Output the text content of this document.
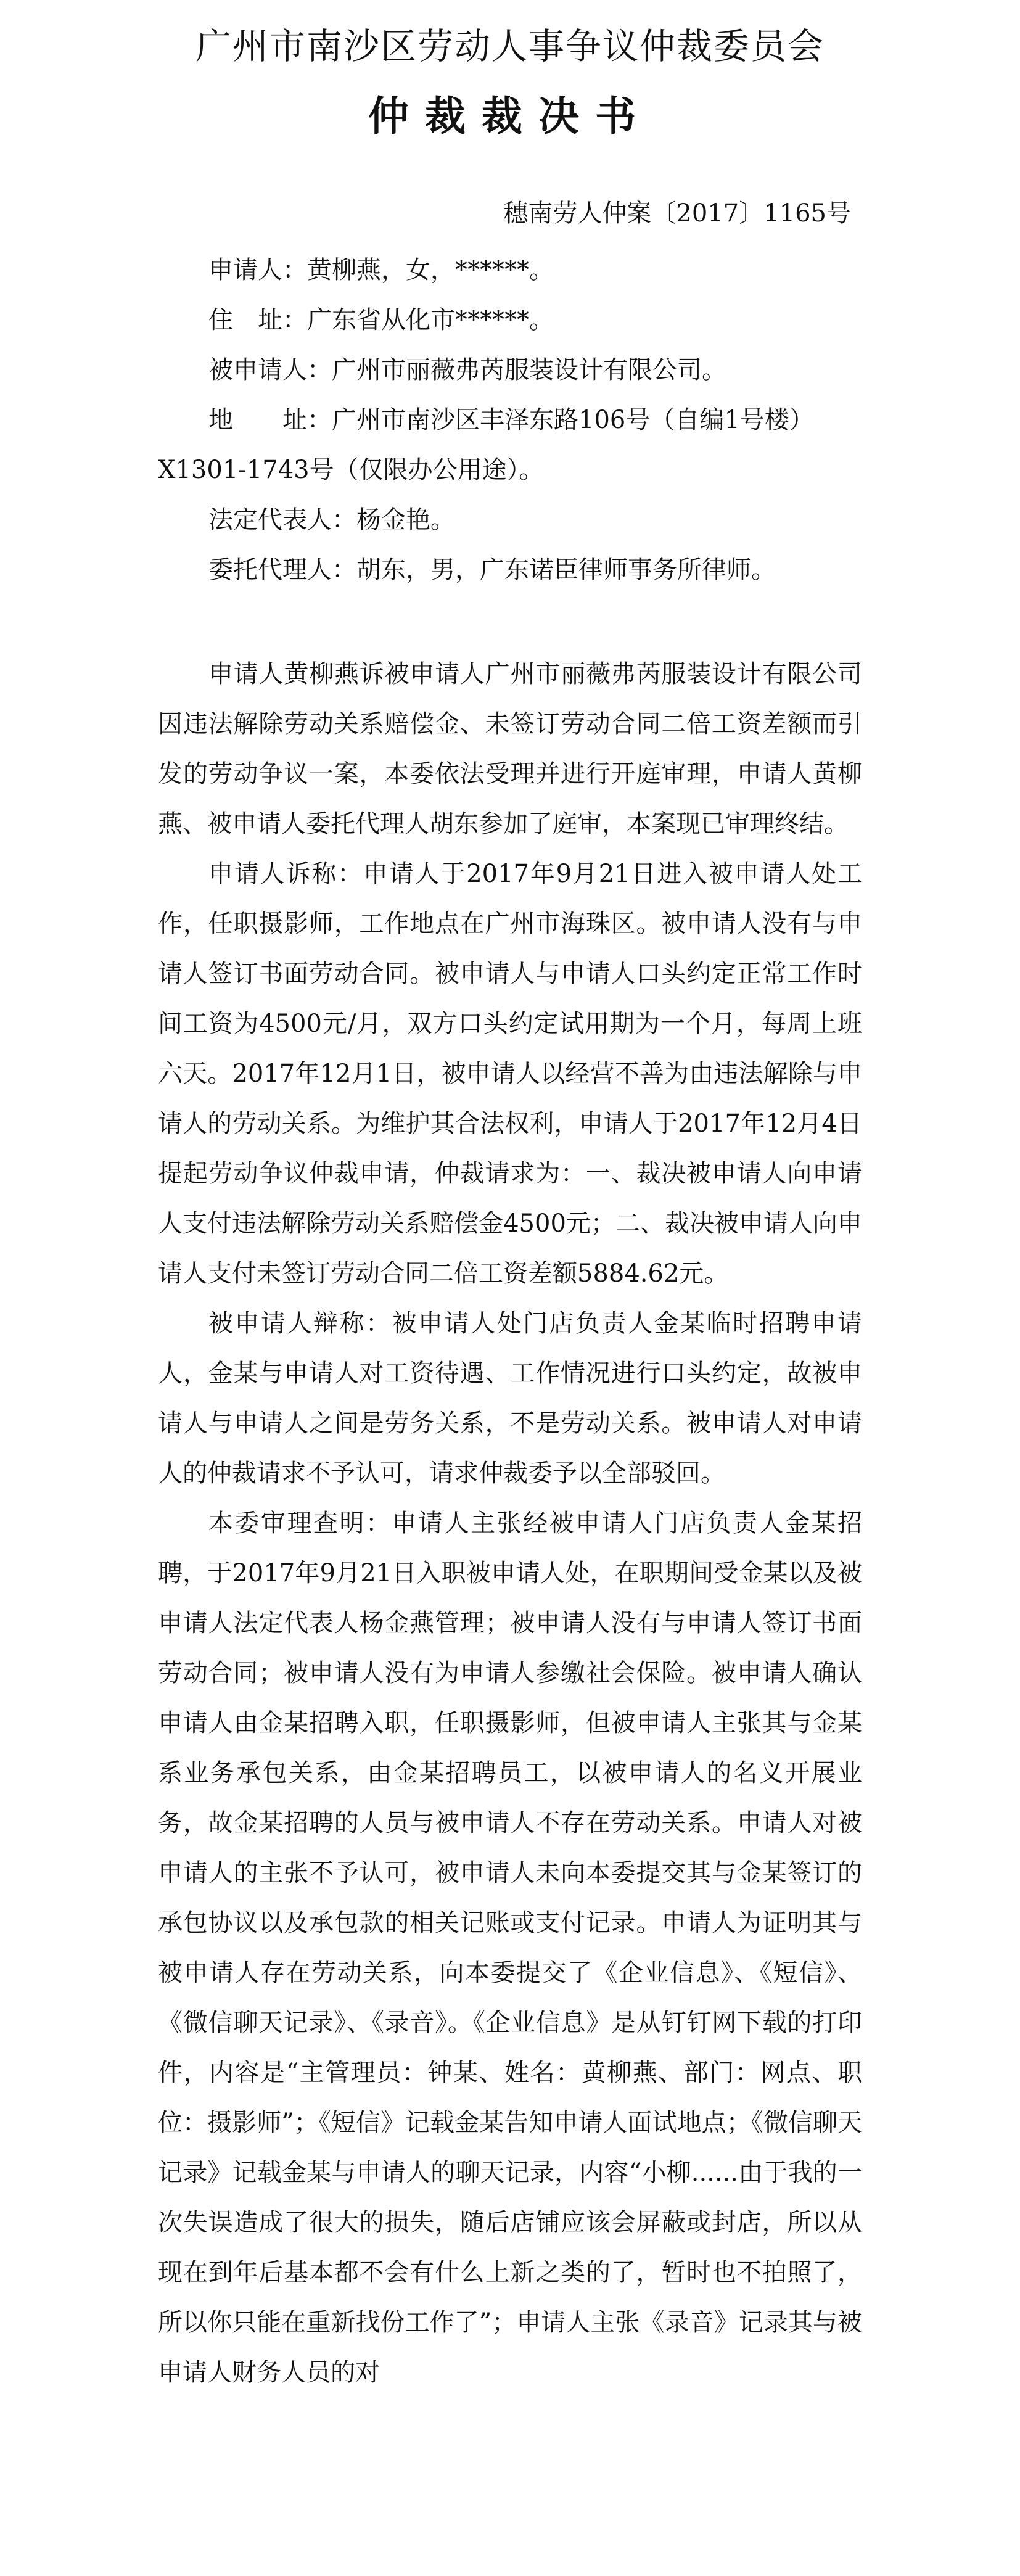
广州市南沙区劳动人事争议仲裁委员会
仲裁裁决书
穗南劳人仲案〔2017〕1165号
申请人：黄柳燕，女，******。
住　址：广东省从化市******。
被申请人：广州市丽薇弗芮服装设计有限公司。
地　　址：广州市南沙区丰泽东路106号（自编1号楼）
X1301-1743号（仅限办公用途）。
法定代表人：杨金艳。
委托代理人：胡东，男，广东诺臣律师事务所律师。

申请人黄柳燕诉被申请人广州市丽薇弗芮服装设计有限公司因违法解除劳动关系赔偿金、未签订劳动合同二倍工资差额而引发的劳动争议一案，本委依法受理并进行开庭审理，申请人黄柳燕、被申请人委托代理人胡东参加了庭审，本案现已审理终结。

申请人诉称：申请人于2017年9月21日进入被申请人处工作，任职摄影师，工作地点在广州市海珠区。被申请人没有与申请人签订书面劳动合同。被申请人与申请人口头约定正常工作时间工资为4500元/月，双方口头约定试用期为一个月，每周上班六天。2017年12月1日，被申请人以经营不善为由违法解除与申请人的劳动关系。为维护其合法权利，申请人于2017年12月4日提起劳动争议仲裁申请，仲裁请求为：一、裁决被申请人向申请人支付违法解除劳动关系赔偿金4500元；二、裁决被申请人向申请人支付未签订劳动合同二倍工资差额5884.62元。

被申请人辩称：被申请人处门店负责人金某临时招聘申请人，金某与申请人对工资待遇、工作情况进行口头约定，故被申请人与申请人之间是劳务关系，不是劳动关系。被申请人对申请人的仲裁请求不予认可，请求仲裁委予以全部驳回。

本委审理查明：申请人主张经被申请人门店负责人金某招聘，于2017年9月21日入职被申请人处，在职期间受金某以及被申请人法定代表人杨金燕管理；被申请人没有与申请人签订书面劳动合同；被申请人没有为申请人参缴社会保险。被申请人确认申请人由金某招聘入职，任职摄影师，但被申请人主张其与金某系业务承包关系，由金某招聘员工，以被申请人的名义开展业务，故金某招聘的人员与被申请人不存在劳动关系。申请人对被申请人的主张不予认可，被申请人未向本委提交其与金某签订的承包协议以及承包款的相关记账或支付记录。申请人为证明其与被申请人存在劳动关系，向本委提交了《企业信息》、《短信》、《微信聊天记录》、《录音》。《企业信息》是从钉钉网下载的打印件，内容是“主管理员：钟某、姓名：黄柳燕、部门：网点、职位：摄影师”；《短信》记载金某告知申请人面试地点；《微信聊天记录》记载金某与申请人的聊天记录，内容“小柳......由于我的一次失误造成了很大的损失，随后店铺应该会屏蔽或封店，所以从现在到年后基本都不会有什么上新之类的了，暂时也不拍照了，所以你只能在重新找份工作了”；申请人主张《录音》记录其与被申请人财务人员的对
